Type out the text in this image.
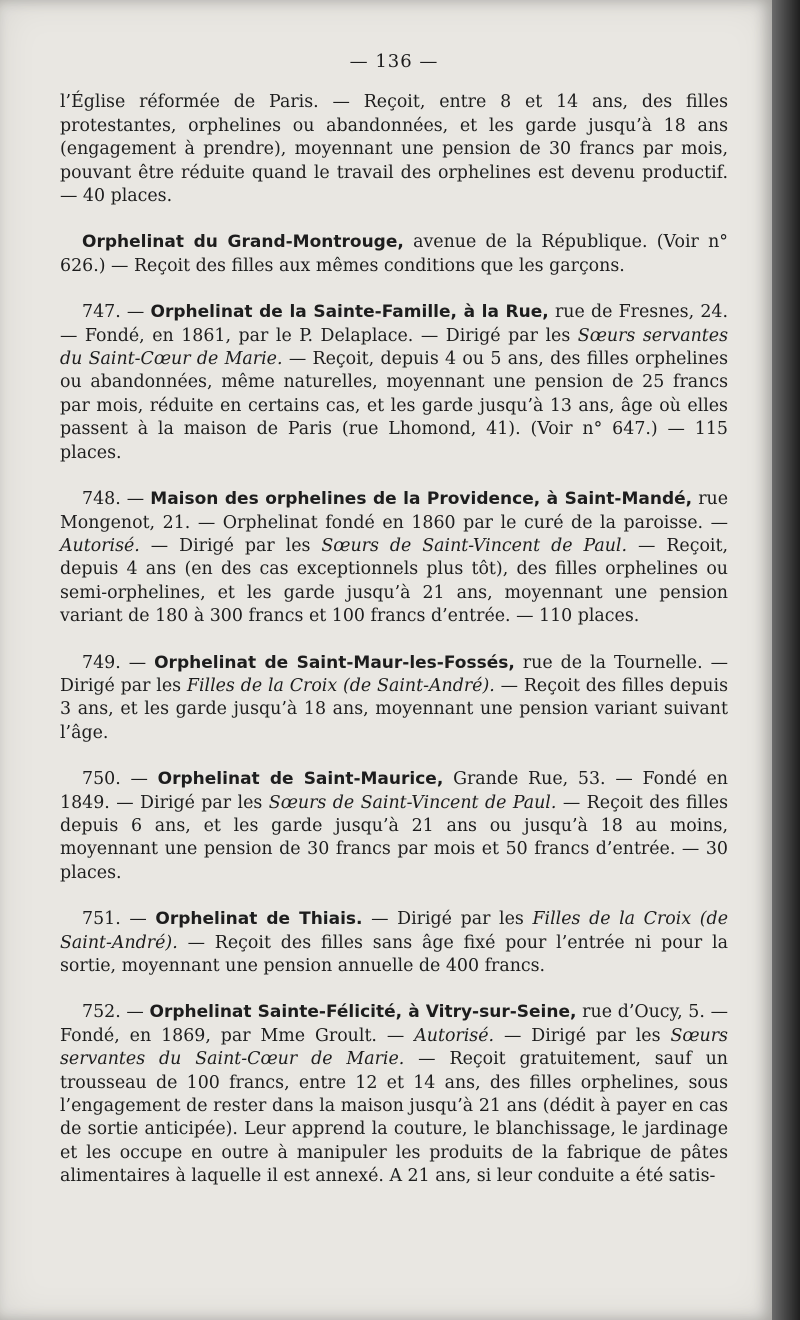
— 136 —

l’Église réformée de Paris. — Reçoit, entre 8 et 14 ans, des filles protestantes, orphelines ou abandonnées, et les garde jusqu’à 18 ans (engagement à prendre), moyennant une pension de 30 francs par mois, pouvant être réduite quand le travail des orphelines est devenu productif. — 40 places.

Orphelinat du Grand-Montrouge, avenue de la République. (Voir n° 626.) — Reçoit des filles aux mêmes conditions que les garçons.

747. — Orphelinat de la Sainte-Famille, à la Rue, rue de Fresnes, 24. — Fondé, en 1861, par le P. Delaplace. — Dirigé par les Sœurs servantes du Saint-Cœur de Marie. — Reçoit, depuis 4 ou 5 ans, des filles orphelines ou abandonnées, même naturelles, moyennant une pension de 25 francs par mois, réduite en certains cas, et les garde jusqu’à 13 ans, âge où elles passent à la maison de Paris (rue Lhomond, 41). (Voir n° 647.) — 115 places.

748. — Maison des orphelines de la Providence, à Saint-Mandé, rue Mongenot, 21. — Orphelinat fondé en 1860 par le curé de la paroisse. — Autorisé. — Dirigé par les Sœurs de Saint-Vincent de Paul. — Reçoit, depuis 4 ans (en des cas exceptionnels plus tôt), des filles orphelines ou semi-orphelines, et les garde jusqu’à 21 ans, moyennant une pension variant de 180 à 300 francs et 100 francs d’entrée. — 110 places.

749. — Orphelinat de Saint-Maur-les-Fossés, rue de la Tournelle. — Dirigé par les Filles de la Croix (de Saint-André). — Reçoit des filles depuis 3 ans, et les garde jusqu’à 18 ans, moyennant une pension variant suivant l’âge.

750. — Orphelinat de Saint-Maurice, Grande Rue, 53. — Fondé en 1849. — Dirigé par les Sœurs de Saint-Vincent de Paul. — Reçoit des filles depuis 6 ans, et les garde jusqu’à 21 ans ou jusqu’à 18 au moins, moyennant une pension de 30 francs par mois et 50 francs d’entrée. — 30 places.

751. — Orphelinat de Thiais. — Dirigé par les Filles de la Croix (de Saint-André). — Reçoit des filles sans âge fixé pour l’entrée ni pour la sortie, moyennant une pension annuelle de 400 francs.

752. — Orphelinat Sainte-Félicité, à Vitry-sur-Seine, rue d’Oucy, 5. — Fondé, en 1869, par Mme Groult. — Autorisé. — Dirigé par les Sœurs servantes du Saint-Cœur de Marie. — Reçoit gratuitement, sauf un trousseau de 100 francs, entre 12 et 14 ans, des filles orphelines, sous l’engagement de rester dans la maison jusqu’à 21 ans (dédit à payer en cas de sortie anticipée). Leur apprend la couture, le blanchissage, le jardinage et les occupe en outre à manipuler les produits de la fabrique de pâtes alimentaires à laquelle il est annexé. A 21 ans, si leur conduite a été satis-
